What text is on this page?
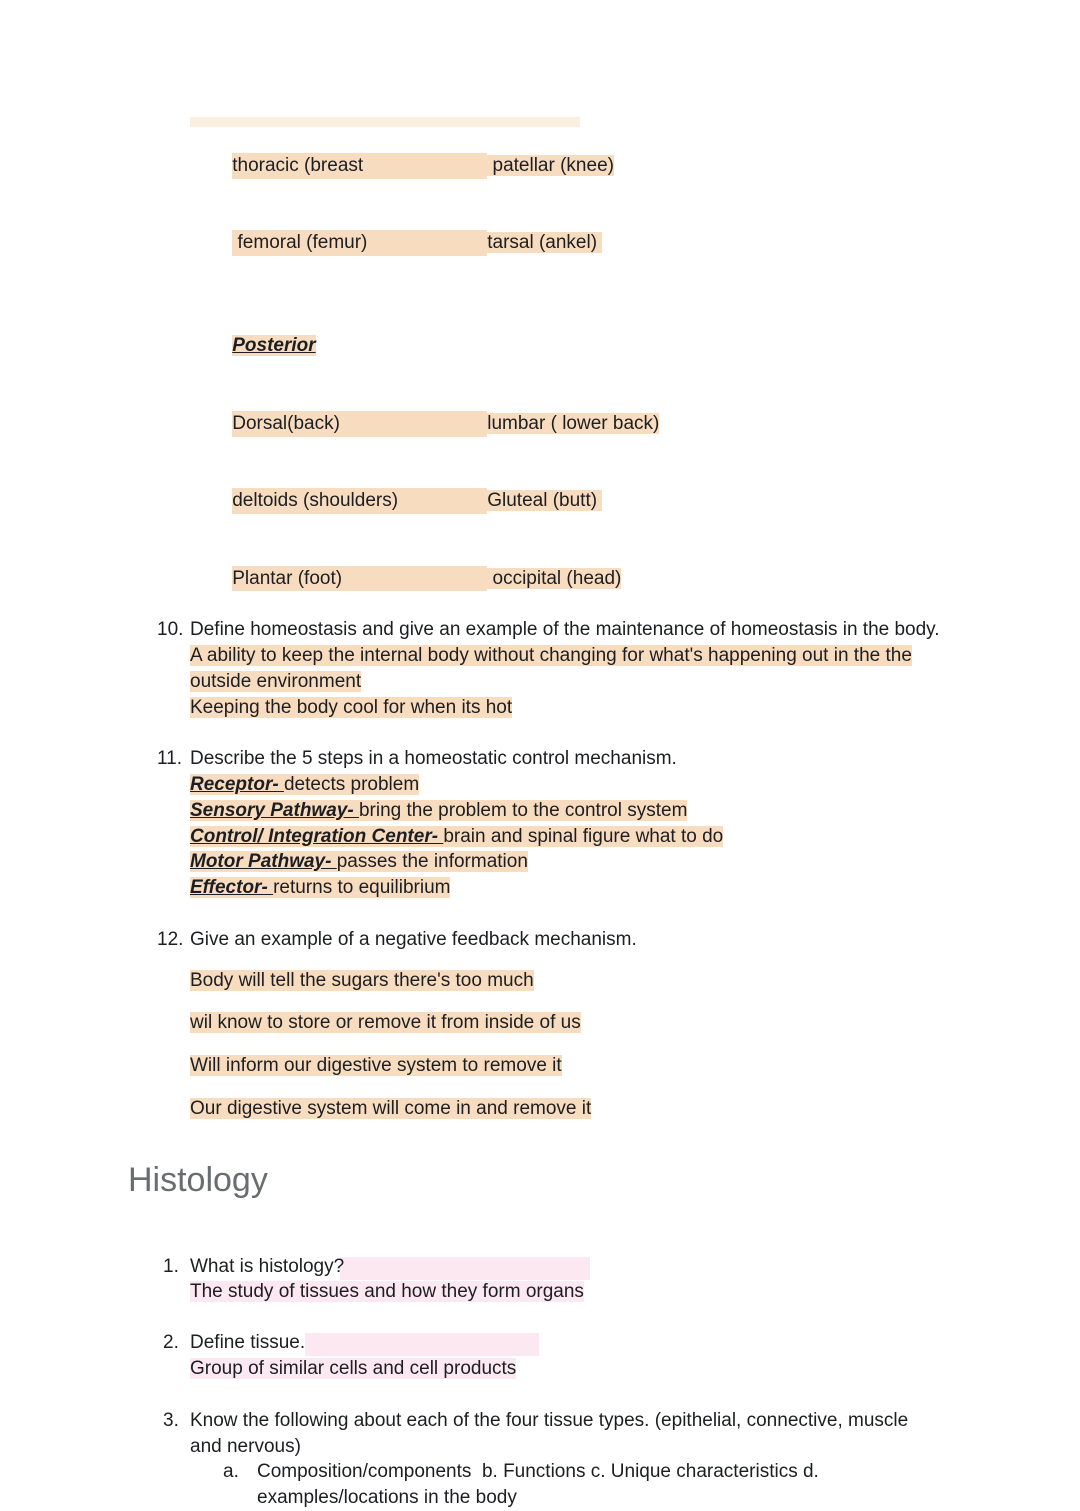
thoracic (breast	patellar (knee)

femoral (femur)	tarsal (ankel)

Posterior

Dorsal(back)	lumbar ( lower back)

deltoids (shoulders)	Gluteal (butt)

Plantar (foot)	occipital (head)

10. Define homeostasis and give an example of the maintenance of homeostasis in the body.
A ability to keep the internal body without changing for what's happening out in the the
outside environment
Keeping the body cool for when its hot
11. Describe the 5 steps in a homeostatic control mechanism.
Receptor- detects problem
Sensory Pathway- bring the problem to the control system
Control/ Integration Center- brain and spinal figure what to do
Motor Pathway- passes the information
Effector- returns to equilibrium
12. Give an example of a negative feedback mechanism.
Body will tell the sugars there's too much
wil know to store or remove it from inside of us
Will inform our digestive system to remove it
Our digestive system will come in and remove it
Histology
1. What is histology?
The study of tissues and how they form organs
2. Define tissue.
Group of similar cells and cell products
3. Know the following about each of the four tissue types. (epithelial, connective, muscle
and nervous)
a. Composition/components  b. Functions c. Unique characteristics d.
examples/locations in the body
